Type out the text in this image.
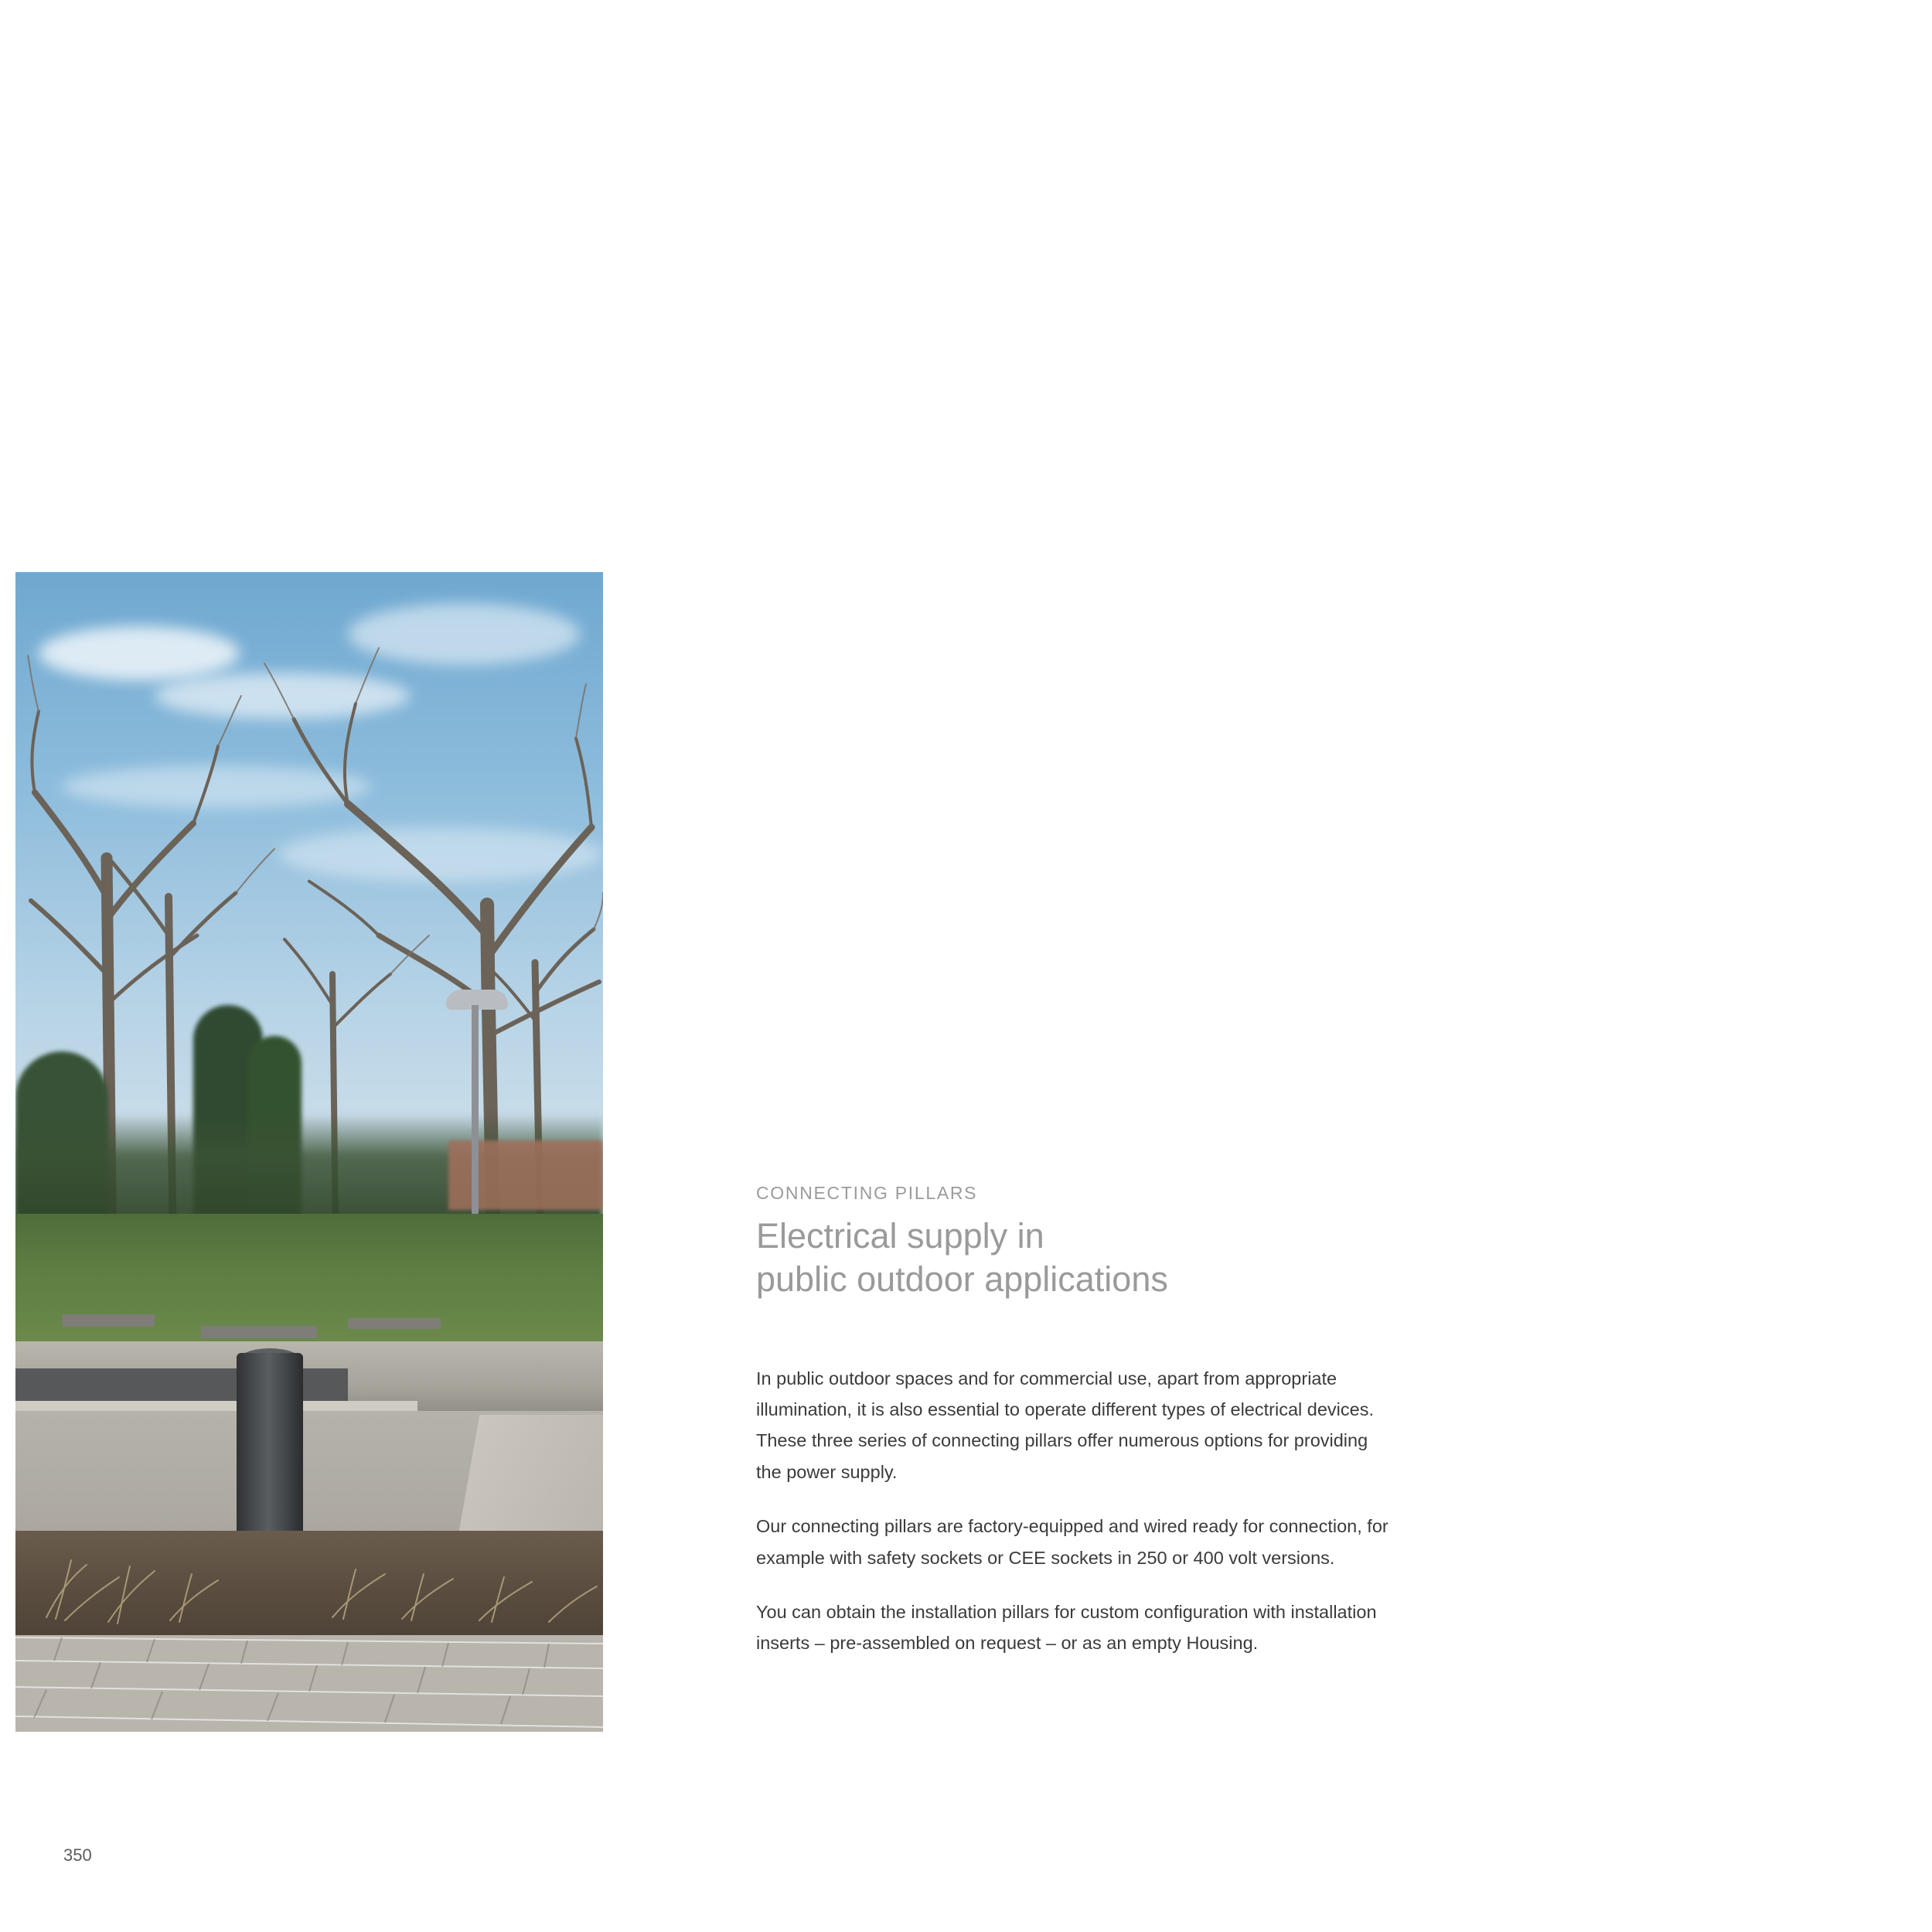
CONNECTING PILLARS
Electrical supply in
public outdoor applications

In public outdoor spaces and for commercial use, apart from appropriate illumination, it is also essential to operate different types of electrical devices. These three series of connecting pillars offer numerous options for providing the power supply.

Our connecting pillars are factory-equipped and wired ready for connection, for example with safety sockets or CEE sockets in 250 or 400 volt versions.

You can obtain the installation pillars for custom configuration with installation inserts – pre-assembled on request – or as an empty Housing.

350
